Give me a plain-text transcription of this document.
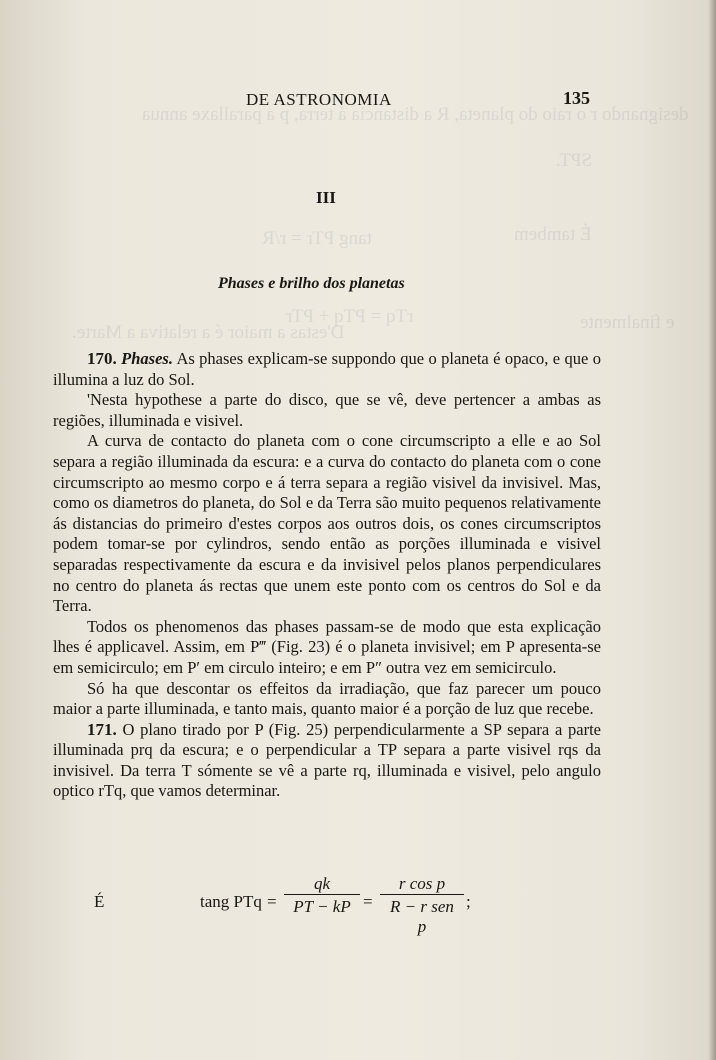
designando r o raio do planeta, R a distancia á terra, p a parallaxe annua
SPT.
É tambem
tang PTr = r/R
e finalmente
rTq = PTq + PTr
D'estas a maior é a relativa a Marte.
DE ASTRONOMIA	135
III
Phases e brilho dos planetas

170. Phases. As phases explicam-se suppondo que o planeta é opaco, e que o illumina a luz do Sol.

'Nesta hypothese a parte do disco, que se vê, deve pertencer a ambas as regiões, illuminada e visivel.

A curva de contacto do planeta com o cone circumscripto a elle e ao Sol separa a região illuminada da escura: e a curva do contacto do planeta com o cone circumscripto ao mesmo corpo e á terra separa a região visivel da invisivel. Mas, como os diametros do planeta, do Sol e da Terra são muito pequenos relativamente ás distancias do primeiro d'estes corpos aos outros dois, os cones circumscriptos podem tomar-se por cylindros, sendo então as porções illuminada e visivel separadas respectivamente da escura e da invisivel pelos planos perpendiculares no centro do planeta ás rectas que unem este ponto com os centros do Sol e da Terra.

Todos os phenomenos das phases passam-se de modo que esta explicação lhes é applicavel. Assim, em P‴ (Fig. 23) é o planeta invisivel; em P apresenta-se em semicirculo; em P′ em circulo inteiro; e em P″ outra vez em semicirculo.

Só ha que descontar os effeitos da irradiação, que faz parecer um pouco maior a parte illuminada, e tanto mais, quanto maior é a porção de luz que recebe.

171. O plano tirado por P (Fig. 25) perpendicularmente a SP separa a parte illuminada prq da escura; e o perpendicular a TP separa a parte visivel rqs da invisivel. Da terra T sómente se vê a parte rq, illuminada e visivel, pelo angulo optico rTq, que vamos determinar.

É	tang PTq = $\frac{qk}{PT - kP}$ =
r cos p
R − r sen p
;
